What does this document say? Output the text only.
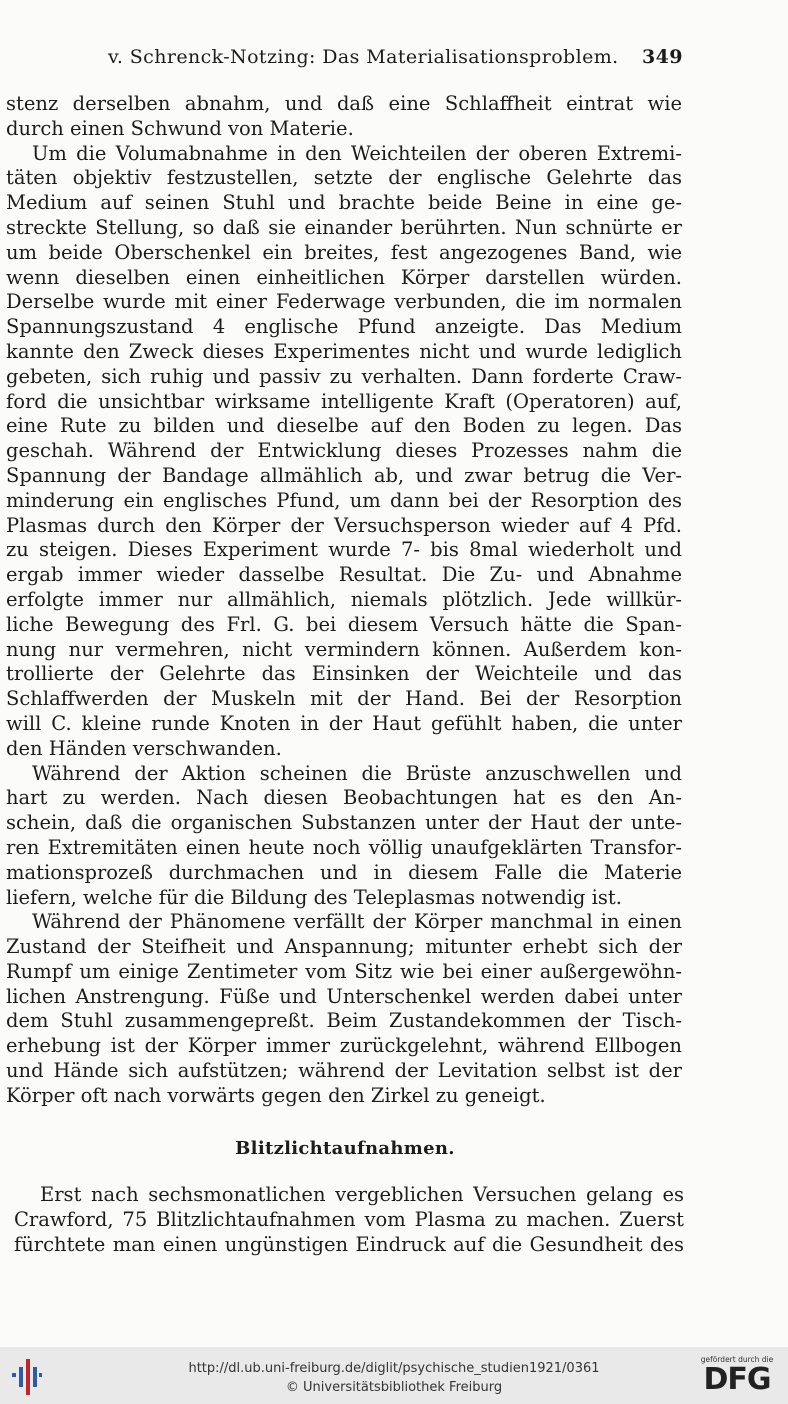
v. Schrenck-Notzing: Das Materialisationsproblem. 349
stenz derselben abnahm, und daß eine Schlaffheit eintrat wie
durch einen Schwund von Materie.
Um die Volumabnahme in den Weichteilen der oberen Extremi-
täten objektiv festzustellen, setzte der englische Gelehrte das
Medium auf seinen Stuhl und brachte beide Beine in eine ge-
streckte Stellung, so daß sie einander berührten. Nun schnürte er
um beide Oberschenkel ein breites, fest angezogenes Band, wie
wenn dieselben einen einheitlichen Körper darstellen würden.
Derselbe wurde mit einer Federwage verbunden, die im normalen
Spannungszustand 4 englische Pfund anzeigte. Das Medium
kannte den Zweck dieses Experimentes nicht und wurde lediglich
gebeten, sich ruhig und passiv zu verhalten. Dann forderte Craw-
ford die unsichtbar wirksame intelligente Kraft (Operatoren) auf,
eine Rute zu bilden und dieselbe auf den Boden zu legen. Das
geschah. Während der Entwicklung dieses Prozesses nahm die
Spannung der Bandage allmählich ab, und zwar betrug die Ver-
minderung ein englisches Pfund, um dann bei der Resorption des
Plasmas durch den Körper der Versuchsperson wieder auf 4 Pfd.
zu steigen. Dieses Experiment wurde 7- bis 8mal wiederholt und
ergab immer wieder dasselbe Resultat. Die Zu- und Abnahme
erfolgte immer nur allmählich, niemals plötzlich. Jede willkür-
liche Bewegung des Frl. G. bei diesem Versuch hätte die Span-
nung nur vermehren, nicht vermindern können. Außerdem kon-
trollierte der Gelehrte das Einsinken der Weichteile und das
Schlaffwerden der Muskeln mit der Hand. Bei der Resorption
will C. kleine runde Knoten in der Haut gefühlt haben, die unter
den Händen verschwanden.
Während der Aktion scheinen die Brüste anzuschwellen und
hart zu werden. Nach diesen Beobachtungen hat es den An-
schein, daß die organischen Substanzen unter der Haut der unte-
ren Extremitäten einen heute noch völlig unaufgeklärten Transfor-
mationsprozeß durchmachen und in diesem Falle die Materie
liefern, welche für die Bildung des Teleplasmas notwendig ist.
Während der Phänomene verfällt der Körper manchmal in einen
Zustand der Steifheit und Anspannung; mitunter erhebt sich der
Rumpf um einige Zentimeter vom Sitz wie bei einer außergewöhn-
lichen Anstrengung. Füße und Unterschenkel werden dabei unter
dem Stuhl zusammengepreßt. Beim Zustandekommen der Tisch-
erhebung ist der Körper immer zurückgelehnt, während Ellbogen
und Hände sich aufstützen; während der Levitation selbst ist der
Körper oft nach vorwärts gegen den Zirkel zu geneigt.
Blitzlichtaufnahmen.
Erst nach sechsmonatlichen vergeblichen Versuchen gelang es
Crawford, 75 Blitzlichtaufnahmen vom Plasma zu machen. Zuerst
fürchtete man einen ungünstigen Eindruck auf die Gesundheit des
http://dl.ub.uni-freiburg.de/diglit/psychische_studien1921/0361
© Universitätsbibliothek Freiburg
gefördert durch die
DFG
